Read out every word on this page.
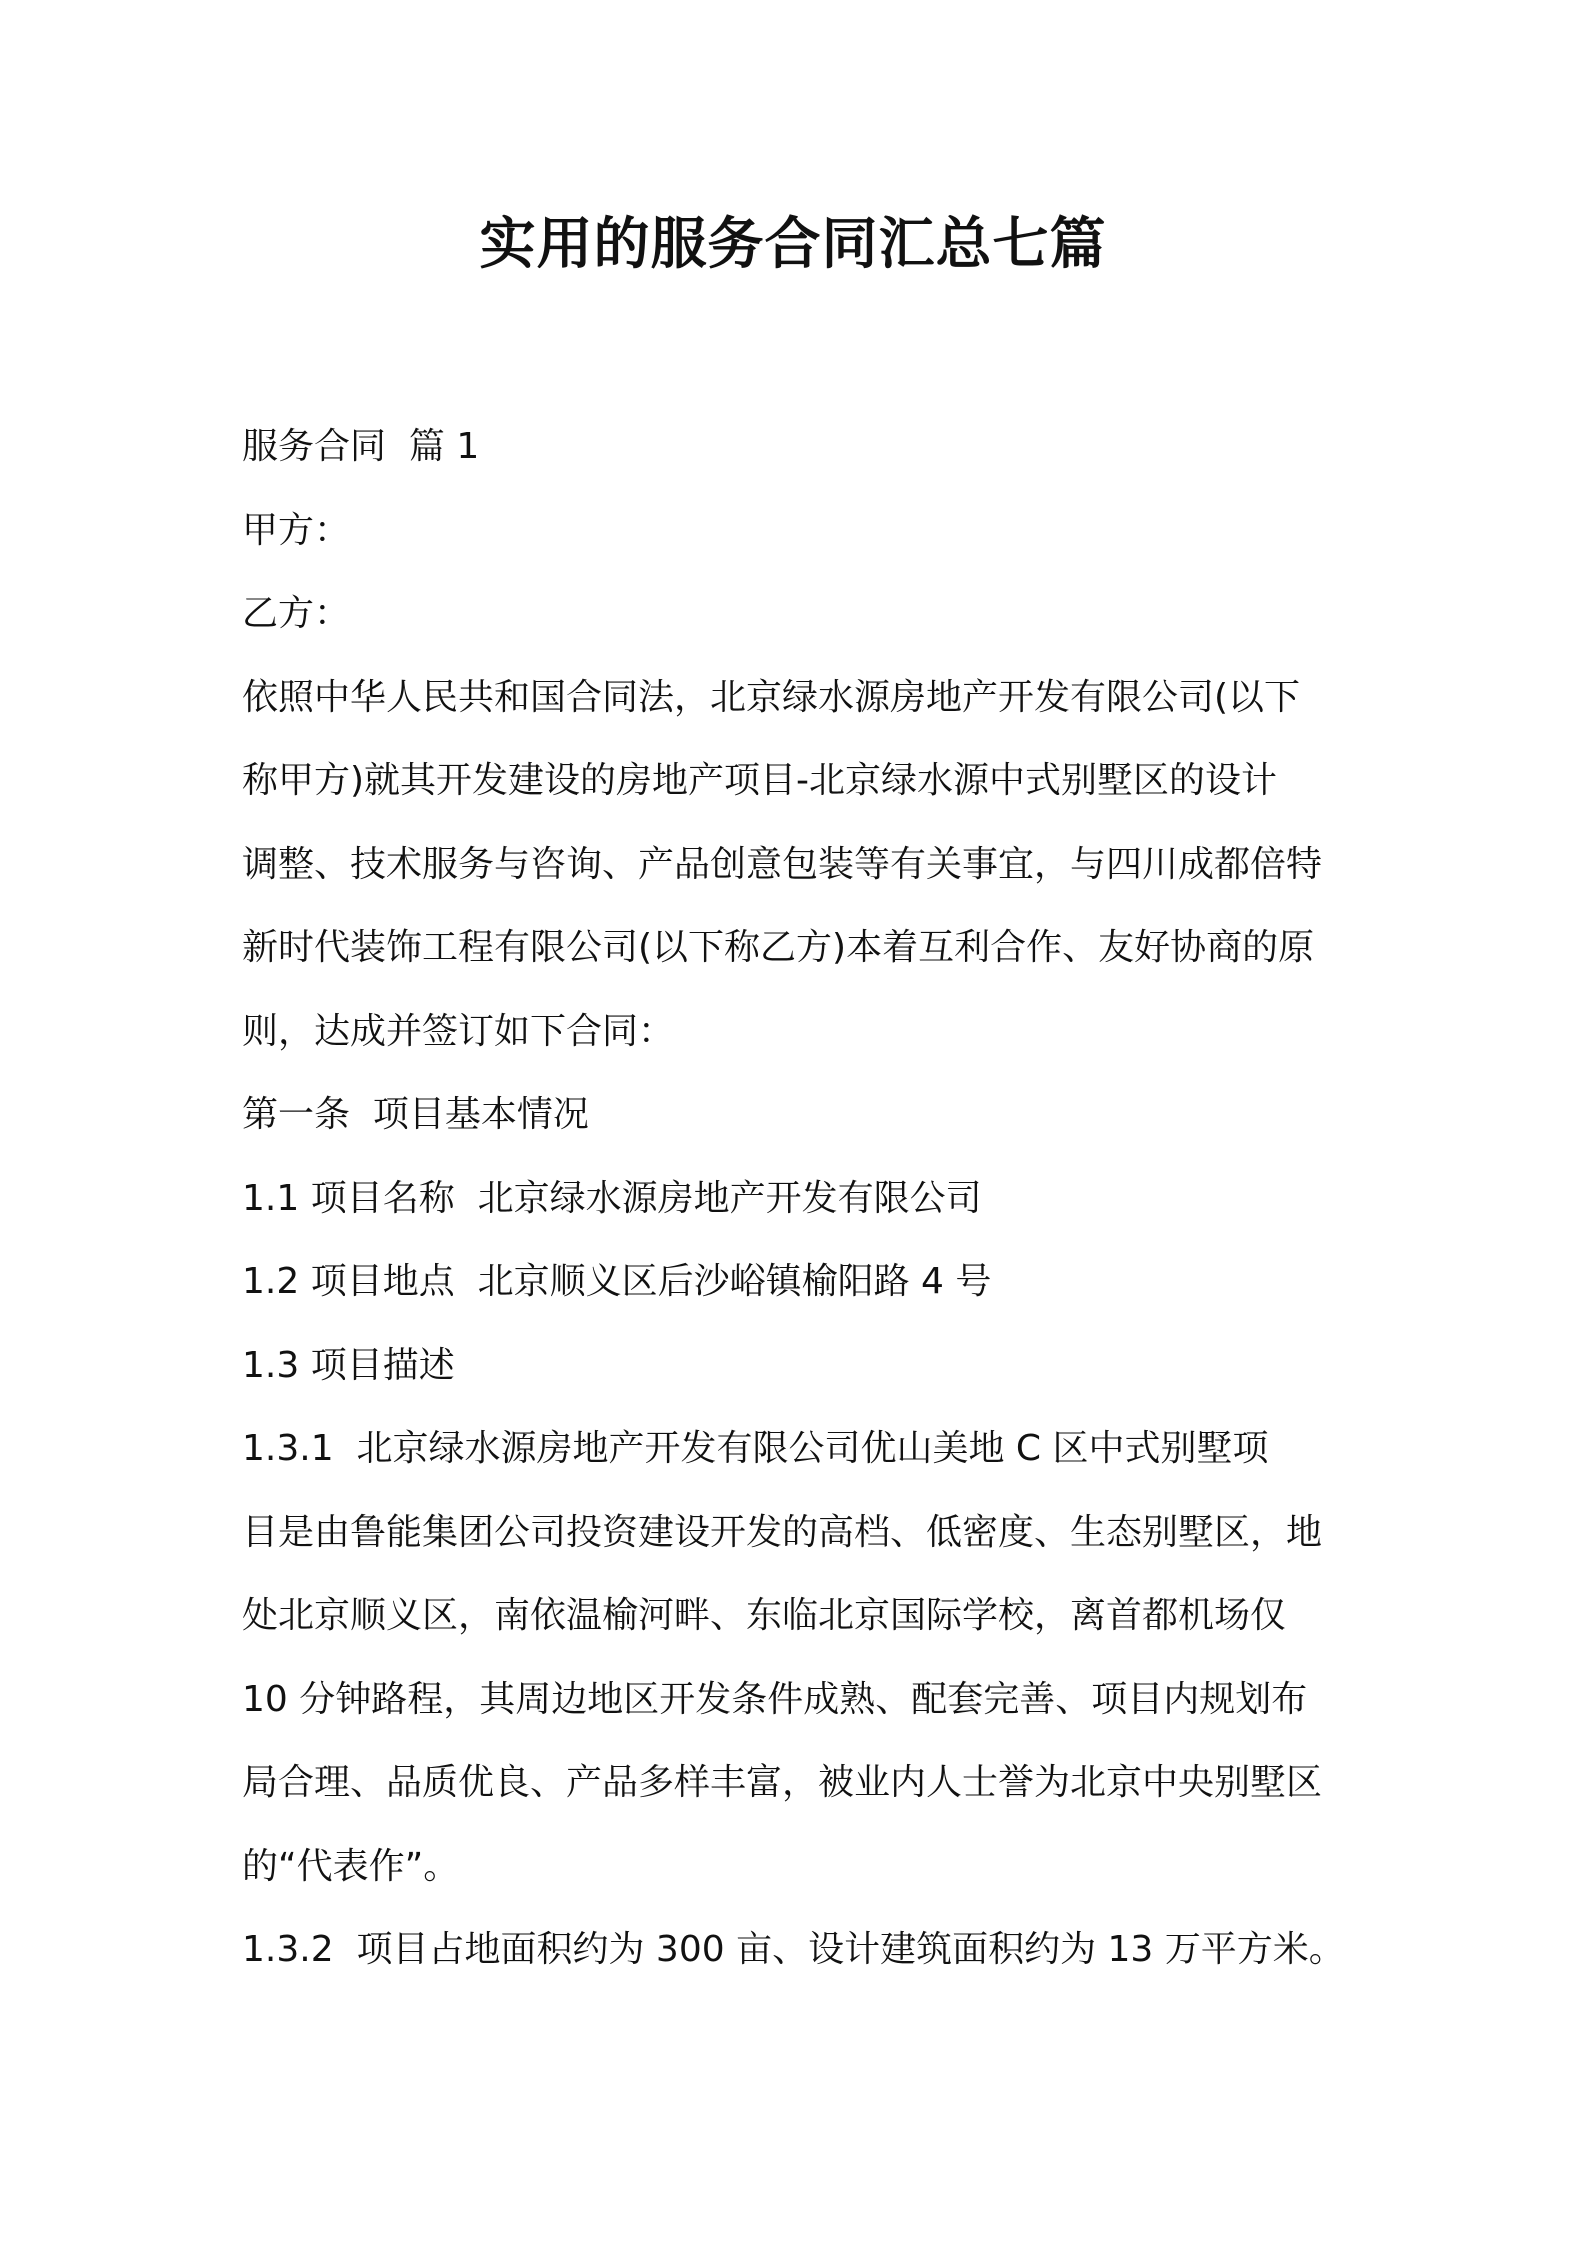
实用的服务合同汇总七篇

服务合同  篇 1

甲方：

乙方：

依照中华人民共和国合同法，北京绿水源房地产开发有限公司(以下

称甲方)就其开发建设的房地产项目-北京绿水源中式别墅区的设计

调整、技术服务与咨询、产品创意包装等有关事宜，与四川成都倍特

新时代装饰工程有限公司(以下称乙方)本着互利合作、友好协商的原

则，达成并签订如下合同：

第一条  项目基本情况

1.1 项目名称  北京绿水源房地产开发有限公司

1.2 项目地点  北京顺义区后沙峪镇榆阳路 4 号

1.3 项目描述

1.3.1  北京绿水源房地产开发有限公司优山美地 C 区中式别墅项

目是由鲁能集团公司投资建设开发的高档、低密度、生态别墅区，地

处北京顺义区，南依温榆河畔、东临北京国际学校，离首都机场仅

10 分钟路程，其周边地区开发条件成熟、配套完善、项目内规划布

局合理、品质优良、产品多样丰富，被业内人士誉为北京中央别墅区

的“代表作”。

1.3.2  项目占地面积约为 300 亩、设计建筑面积约为 13 万平方米。
